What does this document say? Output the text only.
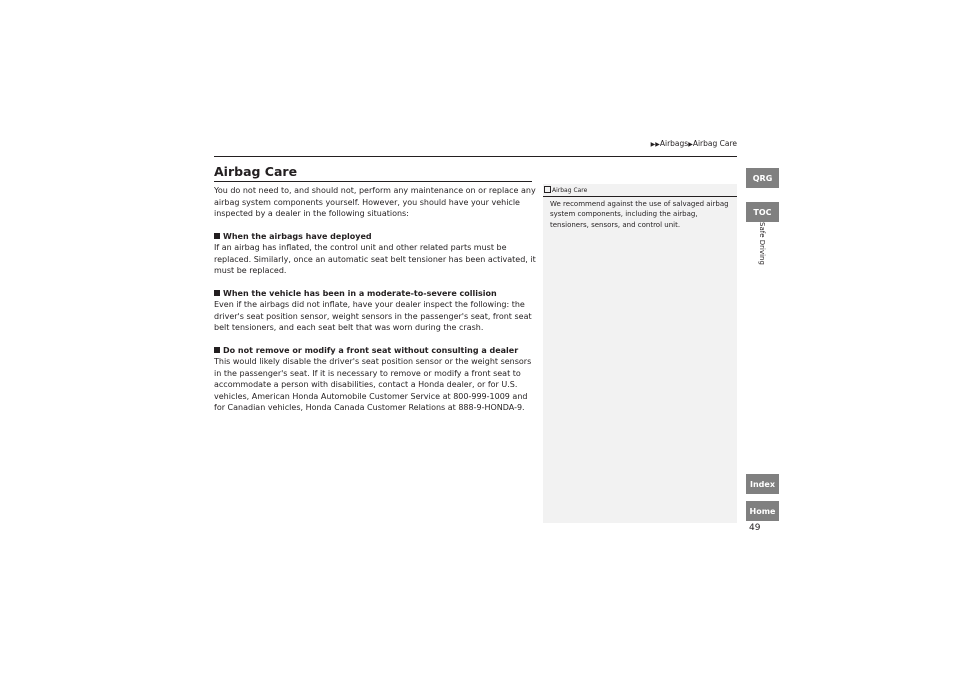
▶▶Airbags▶Airbag Care
Airbag Care

You do not need to, and should not, perform any maintenance on or replace any airbag system components yourself. However, you should have your vehicle inspected by a dealer in the following situations:

When the airbags have deployed

If an airbag has inflated, the control unit and other related parts must be replaced. Similarly, once an automatic seat belt tensioner has been activated, it must be replaced.

When the vehicle has been in a moderate-to-severe collision

Even if the airbags did not inflate, have your dealer inspect the following: the driver's seat position sensor, weight sensors in the passenger's seat, front seat belt tensioners, and each seat belt that was worn during the crash.

Do not remove or modify a front seat without consulting a dealer

This would likely disable the driver's seat position sensor or the weight sensors in the passenger's seat. If it is necessary to remove or modify a front seat to accommodate a person with disabilities, contact a Honda dealer, or for U.S. vehicles, American Honda Automobile Customer Service at 800-999-1009 and for Canadian vehicles, Honda Canada Customer Relations at 888-9-HONDA-9.

Airbag Care
We recommend against the use of salvaged airbag system components, including the airbag, tensioners, sensors, and control unit.
QRG
TOC
Safe Driving
Index
Home
49
